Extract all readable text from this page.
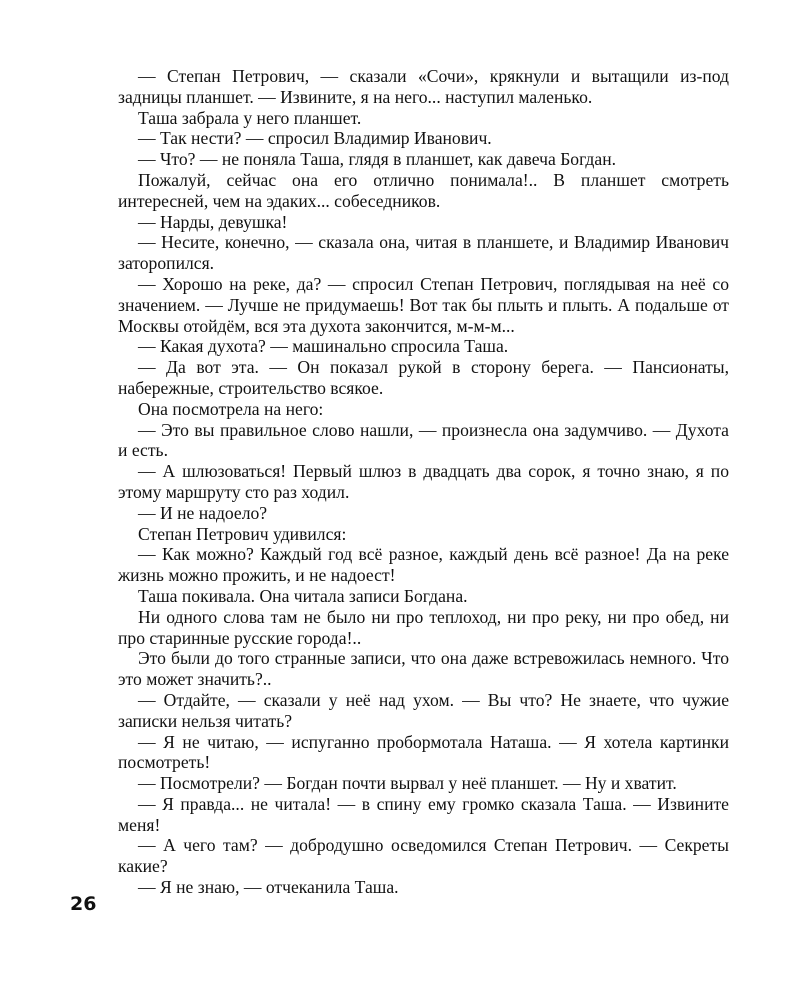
— Степан Петрович, — сказали «Сочи», крякнули и вытащили из-под задницы планшет. — Извините, я на него... наступил маленько.

Таша забрала у него планшет.

— Так нести? — спросил Владимир Иванович.

— Что? — не поняла Таша, глядя в планшет, как давеча Богдан.

Пожалуй, сейчас она его отлично понимала!.. В планшет смотреть интересней, чем на эдаких... собеседников.

— Нарды, девушка!

— Несите, конечно, — сказала она, читая в планшете, и Владимир Иванович заторопился.

— Хорошо на реке, да? — спросил Степан Петрович, поглядывая на неё со значением. — Лучше не придумаешь! Вот так бы плыть и плыть. А подальше от Москвы отойдём, вся эта духота закончится, м-м-м...

— Какая духота? — машинально спросила Таша.

— Да вот эта. — Он показал рукой в сторону берега. — Пансионаты, набережные, строительство всякое.

Она посмотрела на него:

— Это вы правильное слово нашли, — произнесла она задумчиво. — Духота и есть.

— А шлюзоваться! Первый шлюз в двадцать два сорок, я точно знаю, я по этому маршруту сто раз ходил.

— И не надоело?

Степан Петрович удивился:

— Как можно? Каждый год всё разное, каждый день всё разное! Да на реке жизнь можно прожить, и не надоест!

Таша покивала. Она читала записи Богдана.

Ни одного слова там не было ни про теплоход, ни про реку, ни про обед, ни про старинные русские города!..

Это были до того странные записи, что она даже встревожилась немного. Что это может значить?..

— Отдайте, — сказали у неё над ухом. — Вы что? Не знаете, что чужие записки нельзя читать?

— Я не читаю, — испуганно пробормотала Наташа. — Я хотела картинки посмотреть!

— Посмотрели? — Богдан почти вырвал у неё планшет. — Ну и хватит.

— Я правда... не читала! — в спину ему громко сказала Таша. — Извините меня!

— А чего там? — добродушно осведомился Степан Петрович. — Секреты какие?

— Я не знаю, — отчеканила Таша.

26
